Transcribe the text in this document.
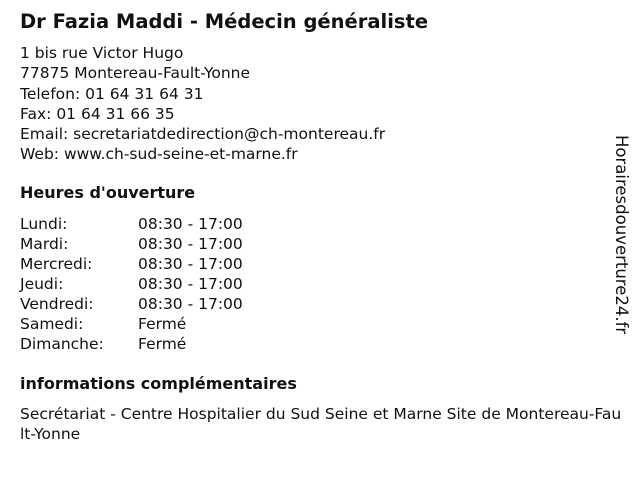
Dr Fazia Maddi - Médecin généraliste
1 bis rue Victor Hugo
77875 Montereau-Fault-Yonne
Telefon: 01 64 31 64 31
Fax: 01 64 31 66 35
Email: secretariatdedirection@ch-montereau.fr
Web: www.ch-sud-seine-et-marne.fr
Heures d'ouverture
Lundi:	08:30 - 17:00
Mardi:	08:30 - 17:00
Mercredi:	08:30 - 17:00
Jeudi:	08:30 - 17:00
Vendredi:	08:30 - 17:00
Samedi:	Fermé
Dimanche: Fermé
informations complémentaires
Secrétariat - Centre Hospitalier du Sud Seine et Marne Site de Montereau-Fault-Yonne
Horairesdouverture24.fr
